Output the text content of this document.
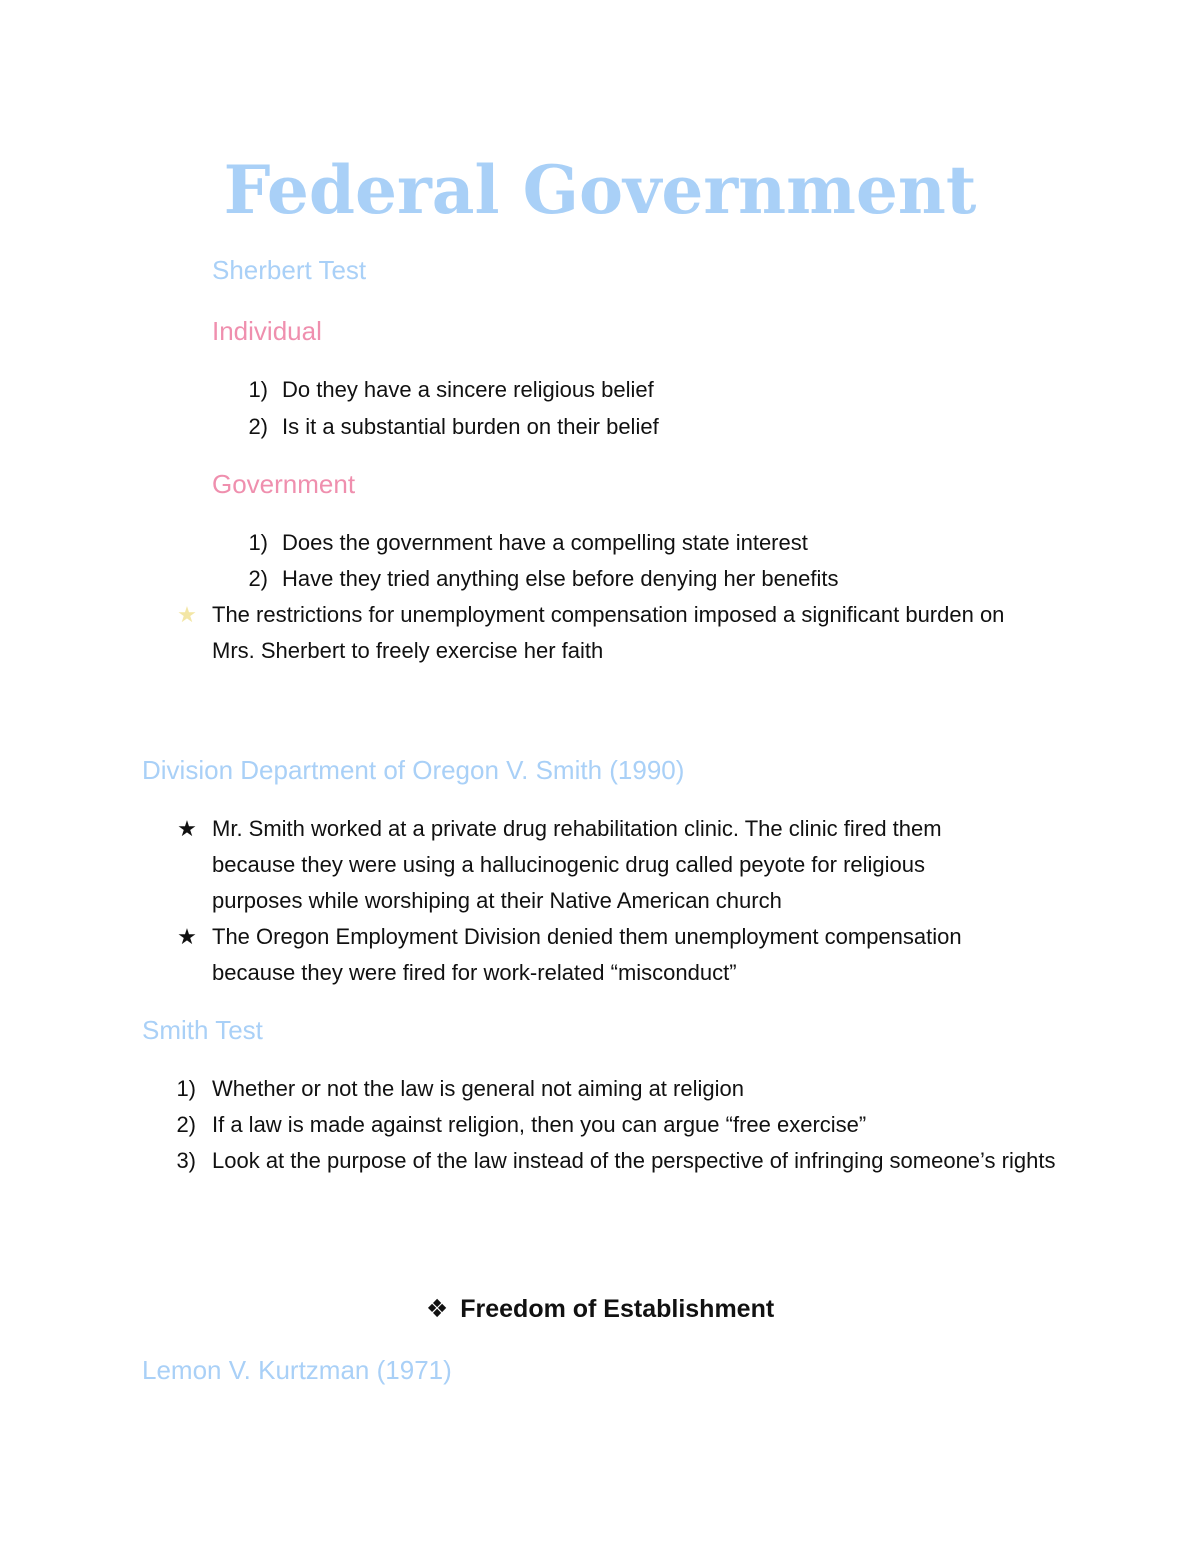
Federal Government
Sherbert Test
Individual
1) Do they have a sincere religious belief
2) Is it a substantial burden on their belief
Government
1) Does the government have a compelling state interest
2) Have they tried anything else before denying her benefits
★ The restrictions for unemployment compensation imposed a significant burden on Mrs. Sherbert to freely exercise her faith
Division Department of Oregon V. Smith (1990)
★ Mr. Smith worked at a private drug rehabilitation clinic. The clinic fired them because they were using a hallucinogenic drug called peyote for religious purposes while worshiping at their Native American church
★ The Oregon Employment Division denied them unemployment compensation because they were fired for work-related “misconduct”
Smith Test
1) Whether or not the law is general not aiming at religion
2) If a law is made against religion, then you can argue “free exercise”
3) Look at the purpose of the law instead of the perspective of infringing someone’s rights
❖ Freedom of Establishment
Lemon V. Kurtzman (1971)
